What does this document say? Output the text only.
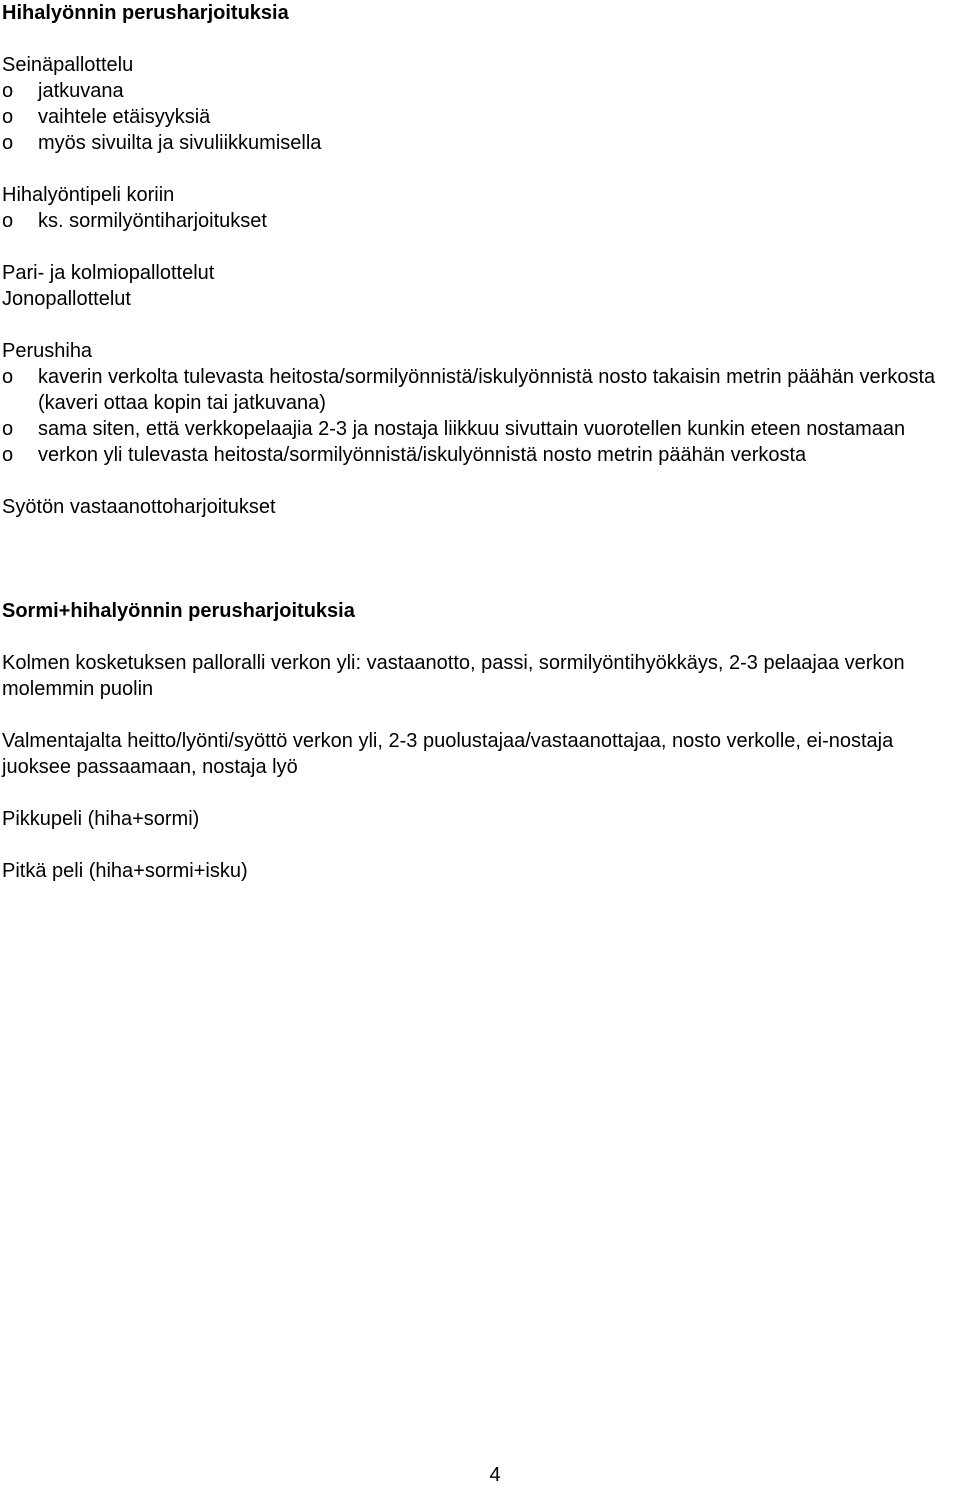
Hihalyönnin perusharjoituksia
Seinäpallottelu
o	jatkuvana
o	vaihtele etäisyyksiä
o	myös sivuilta ja sivuliikkumisella
Hihalyöntipeli koriin
o	ks. sormilyöntiharjoitukset
Pari- ja kolmiopallottelut
Jonopallottelut
Perushiha
o	kaverin verkolta tulevasta heitosta/sormilyönnistä/iskulyönnistä nosto takaisin metrin päähän verkosta (kaveri ottaa kopin tai jatkuvana)
o	sama siten, että verkkopelaajia 2-3 ja nostaja liikkuu sivuttain vuorotellen kunkin eteen nostamaan
o	verkon yli tulevasta heitosta/sormilyönnistä/iskulyönnistä nosto metrin päähän verkosta
Syötön vastaanottoharjoitukset
Sormi+hihalyönnin perusharjoituksia
Kolmen kosketuksen palloralli verkon yli: vastaanotto, passi, sormilyöntihyökkäys, 2-3 pelaajaa verkon molemmin puolin
Valmentajalta heitto/lyönti/syöttö verkon yli, 2-3 puolustajaa/vastaanottajaa, nosto verkolle, ei-nostaja juoksee passaamaan, nostaja lyö
Pikkupeli (hiha+sormi)
Pitkä peli (hiha+sormi+isku)
4
